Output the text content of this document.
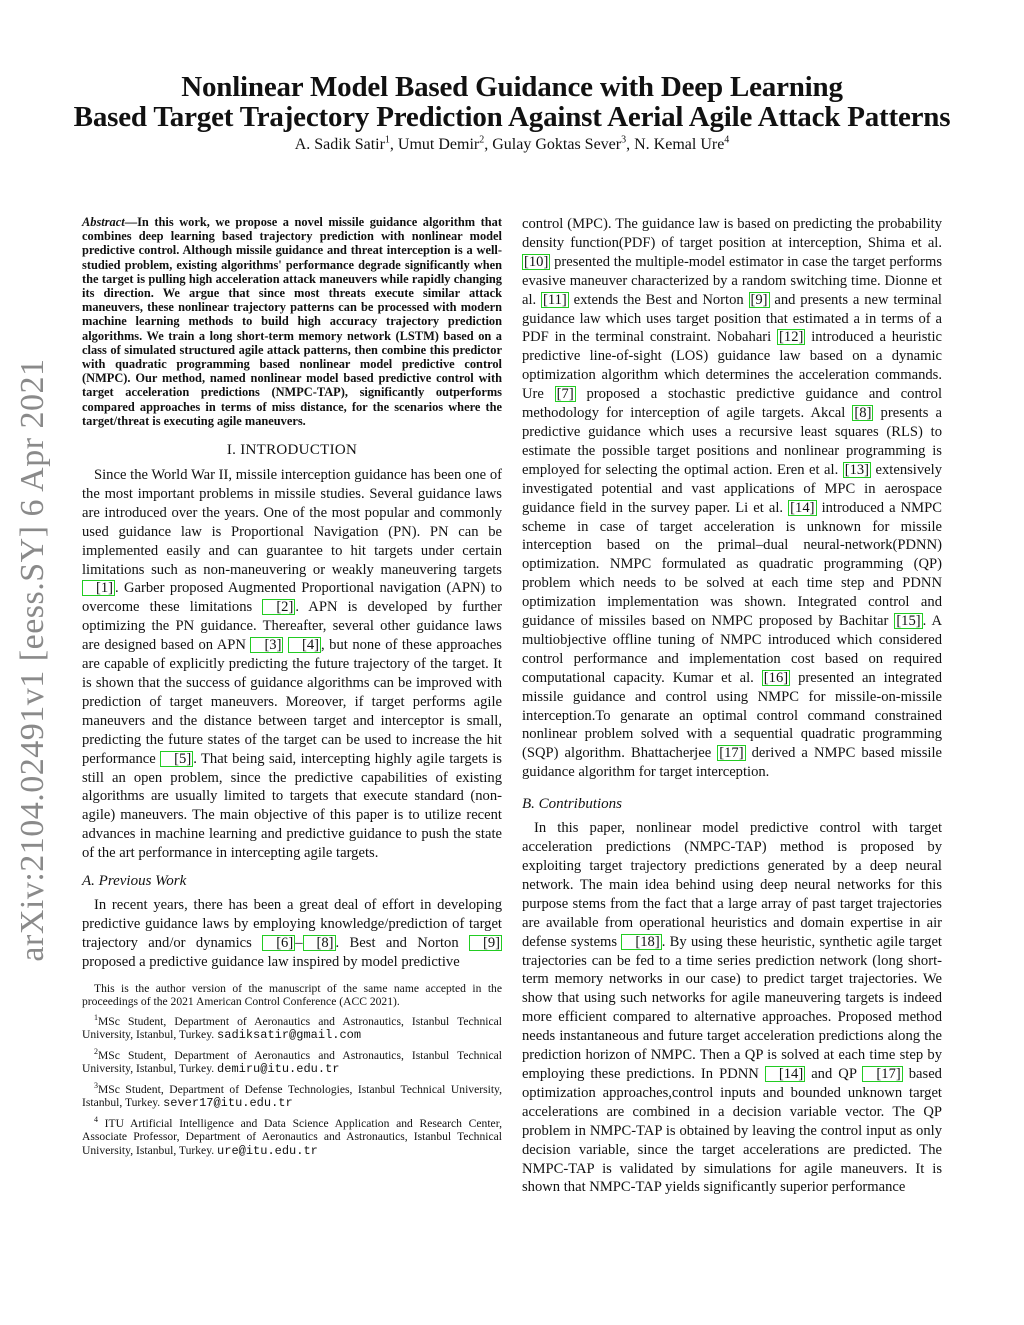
arXiv:2104.02491v1 [eess.SY] 6 Apr 2021
Nonlinear Model Based Guidance with Deep Learning
Based Target Trajectory Prediction Against Aerial Agile Attack Patterns
A. Sadik Satir$^1$, Umut Demir$^2$, Gulay Goktas Sever$^3$, N. Kemal Ure$^4$

Abstract—In this work, we propose a novel missile guidance algorithm that combines deep learning based trajectory prediction with nonlinear model predictive control. Although missile guidance and threat interception is a well-studied problem, existing algorithms' performance degrade significantly when the target is pulling high acceleration attack maneuvers while rapidly changing its direction. We argue that since most threats execute similar attack maneuvers, these nonlinear trajectory patterns can be processed with modern machine learning methods to build high accuracy trajectory prediction algorithms. We train a long short-term memory network (LSTM) based on a class of simulated structured agile attack patterns, then combine this predictor with quadratic programming based nonlinear model predictive control (NMPC). Our method, named nonlinear model based predictive control with target acceleration predictions (NMPC-TAP), significantly outperforms compared approaches in terms of miss distance, for the scenarios where the target/threat is executing agile maneuvers.

I. INTRODUCTION

Since the World War II, missile interception guidance has been one of the most important problems in missile studies. Several guidance laws are introduced over the years. One of the most popular and commonly used guidance law is Proportional Navigation (PN). PN can be implemented easily and can guarantee to hit targets under certain limitations such as non-maneuvering or weakly maneuvering targets [1] . Garber proposed Augmented Proportional navigation (APN) to overcome these limitations [2] . APN is developed by further optimizing the PN guidance. Thereafter, several other guidance laws are designed based on APN [3] [4] , but none of these approaches are capable of explicitly predicting the future trajectory of the target. It is shown that the success of guidance algorithms can be improved with prediction of target maneuvers. Moreover, if target performs agile maneuvers and the distance between target and interceptor is small, predicting the future states of the target can be used to increase the hit performance [5] . That being said, intercepting highly agile targets is still an open problem, since the predictive capabilities of existing algorithms are usually limited to targets that execute standard (non-agile) maneuvers. The main objective of this paper is to utilize recent advances in machine learning and predictive guidance to push the state of the art performance in intercepting agile targets.

A. Previous Work

In recent years, there has been a great deal of effort in developing predictive guidance laws by employing knowledge/prediction of target trajectory and/or dynamics [6] – [8] . Best and Norton [9] proposed a predictive guidance law inspired by model predictive

This is the author version of the manuscript of the same name accepted in the proceedings of the 2021 American Control Conference (ACC 2021).

$^1$MSc Student, Department of Aeronautics and Astronautics, Istanbul Technical University, Istanbul, Turkey. sadiksatir@gmail.com

$^2$MSc Student, Department of Aeronautics and Astronautics, Istanbul Technical University, Istanbul, Turkey. demiru@itu.edu.tr

$^3$MSc Student, Department of Defense Technologies, Istanbul Technical University, Istanbul, Turkey. sever17@itu.edu.tr

$^4$ ITU Artificial Intelligence and Data Science Application and Research Center, Associate Professor, Department of Aeronautics and Astronautics, Istanbul Technical University, Istanbul, Turkey. ure@itu.edu.tr

control (MPC). The guidance law is based on predicting the probability density function(PDF) of target position at interception, Shima et al. [10] presented the multiple-model estimator in case the target performs evasive maneuver characterized by a random switching time. Dionne et al. [11] extends the Best and Norton [9] and presents a new terminal guidance law which uses target position that estimated a in terms of a PDF in the terminal constraint. Nobahari [12] introduced a heuristic predictive line-of-sight (LOS) guidance law based on a dynamic optimization algorithm which determines the acceleration commands. Ure [7] proposed a stochastic predictive guidance and control methodology for interception of agile targets. Akcal [8] presents a predictive guidance which uses a recursive least squares (RLS) to estimate the possible target positions and nonlinear programming is employed for selecting the optimal action. Eren et al. [13] extensively investigated potential and vast applications of MPC in aerospace guidance field in the survey paper. Li et al. [14] introduced a NMPC scheme in case of target acceleration is unknown for missile interception based on the primal–dual neural-network(PDNN) optimization. NMPC formulated as quadratic programming (QP) problem which needs to be solved at each time step and PDNN optimization implementation was shown. Integrated control and guidance of missiles based on NMPC proposed by Bachitar [15] . A multiobjective offline tuning of NMPC introduced which considered control performance and implementation cost based on required computational capacity. Kumar et al. [16] presented an integrated missile guidance and control using NMPC for missile-on-missile interception.To genarate an optimal control command constrained nonlinear problem solved with a sequential quadratic programming (SQP) algorithm. Bhattacherjee [17] derived a NMPC based missile guidance algorithm for target interception.

B. Contributions

In this paper, nonlinear model predictive control with target acceleration predictions (NMPC-TAP) method is proposed by exploiting target trajectory predictions generated by a deep neural network. The main idea behind using deep neural networks for this purpose stems from the fact that a large array of past target trajectories are available from operational heuristics and domain expertise in air defense systems [18] . By using these heuristic, synthetic agile target trajectories can be fed to a time series prediction network (long short-term memory networks in our case) to predict target trajectories. We show that using such networks for agile maneuvering targets is indeed more efficient compared to alternative approaches. Proposed method needs instantaneous and future target acceleration predictions along the prediction horizon of NMPC. Then a QP is solved at each time step by employing these predictions. In PDNN [14] and QP [17] based optimization approaches,control inputs and bounded unknown target accelerations are combined in a decision variable vector. The QP problem in NMPC-TAP is obtained by leaving the control input as only decision variable, since the target accelerations are predicted. The NMPC-TAP is validated by simulations for agile maneuvers. It is shown that NMPC-TAP yields significantly superior performance
